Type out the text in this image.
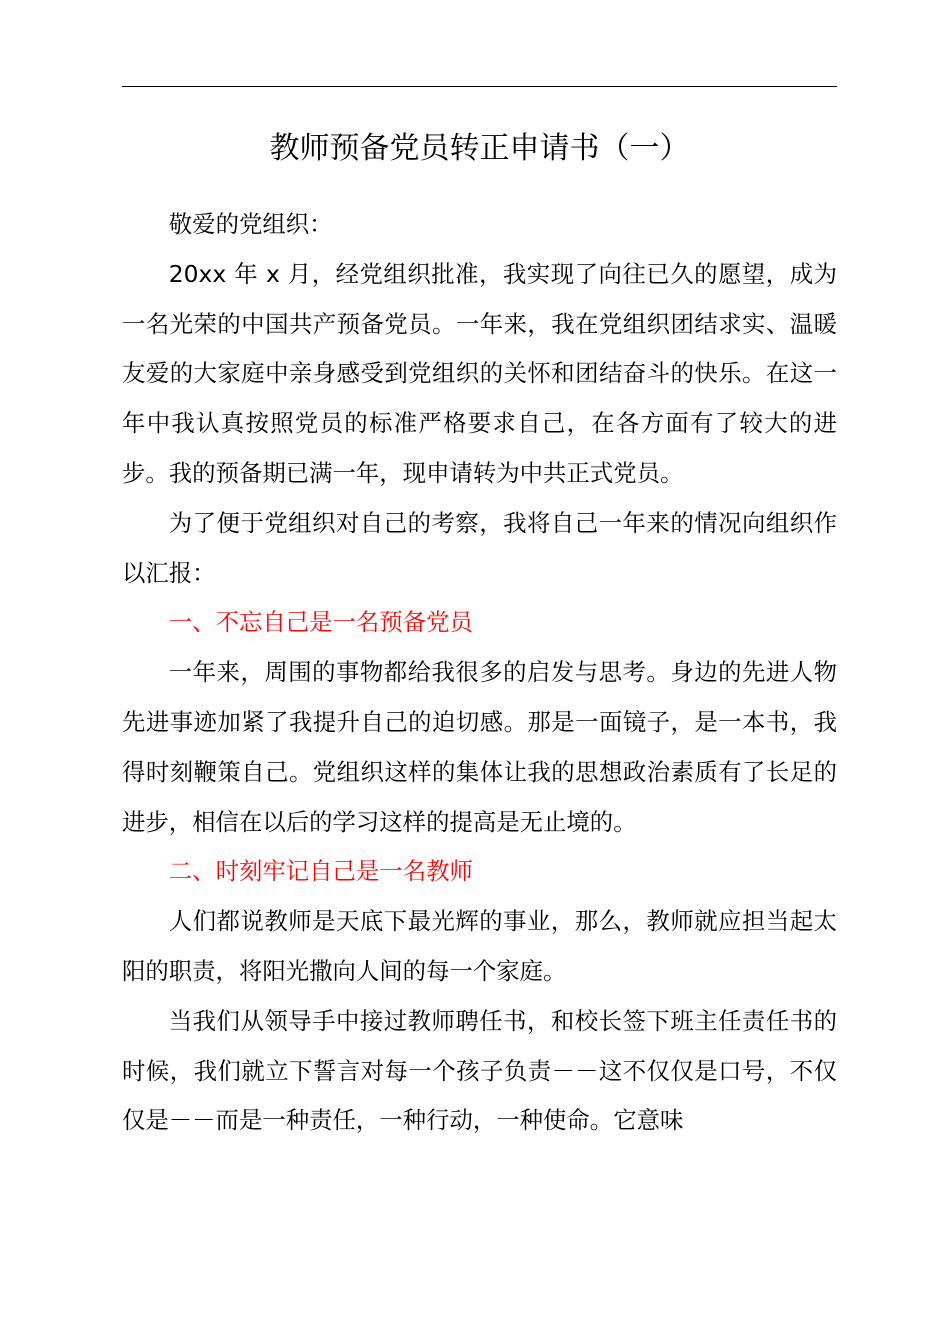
教师预备党员转正申请书（一）

敬爱的党组织：

20xx 年 x 月，经党组织批准，我实现了向往已久的愿望，成为一名光荣的中国共产预备党员。一年来，我在党组织团结求实、温暖友爱的大家庭中亲身感受到党组织的关怀和团结奋斗的快乐。在这一年中我认真按照党员的标准严格要求自己，在各方面有了较大的进步。我的预备期已满一年，现申请转为中共正式党员。

为了便于党组织对自己的考察，我将自己一年来的情况向组织作以汇报：

一、不忘自己是一名预备党员

一年来，周围的事物都给我很多的启发与思考。身边的先进人物先进事迹加紧了我提升自己的迫切感。那是一面镜子，是一本书，我得时刻鞭策自己。党组织这样的集体让我的思想政治素质有了长足的进步，相信在以后的学习这样的提高是无止境的。

二、时刻牢记自己是一名教师

人们都说教师是天底下最光辉的事业，那么，教师就应担当起太阳的职责，将阳光撒向人间的每一个家庭。

当我们从领导手中接过教师聘任书，和校长签下班主任责任书的时候，我们就立下誓言对每一个孩子负责－－这不仅仅是口号，不仅仅是－－而是一种责任，一种行动，一种使命。它意味
